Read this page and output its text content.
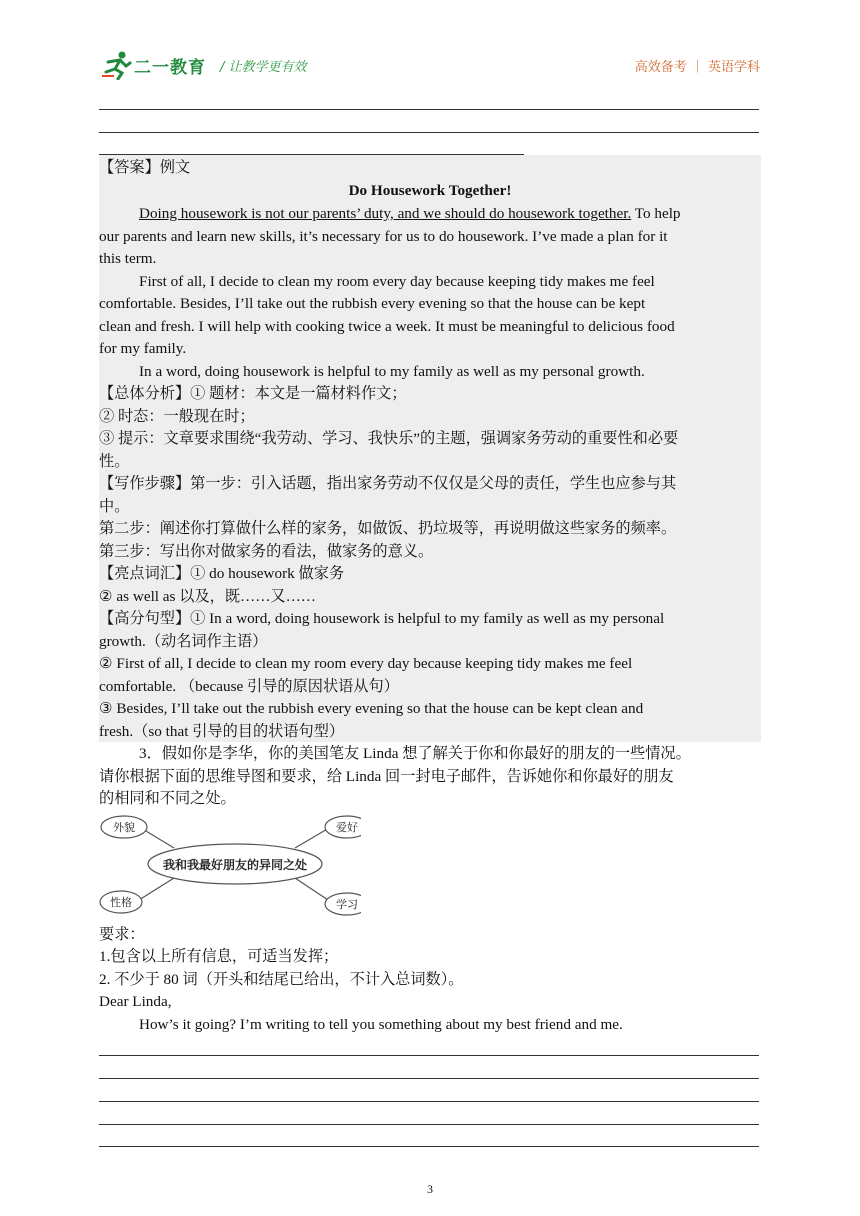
二一教育 / 让教学更有效	高效备考 ｜ 英语学科
【答案】例文
Do Housework Together!
Doing housework is not our parents’ duty, and we should do housework together. To help
our parents and learn new skills, it’s necessary for us to do housework. I’ve made a plan for it
this term.
First of all, I decide to clean my room every day because keeping tidy makes me feel
comfortable. Besides, I’ll take out the rubbish every evening so that the house can be kept
clean and fresh. I will help with cooking twice a week. It must be meaningful to delicious food
for my family.
In a word, doing housework is helpful to my family as well as my personal growth.
【总体分析】① 题材：本文是一篇材料作文；
② 时态：一般现在时；
③ 提示：文章要求围绕“我劳动、学习、我快乐”的主题，强调家务劳动的重要性和必要
性。
【写作步骤】第一步：引入话题，指出家务劳动不仅仅是父母的责任，学生也应参与其
中。
第二步：阐述你打算做什么样的家务，如做饭、扔垃圾等，再说明做这些家务的频率。
第三步：写出你对做家务的看法，做家务的意义。
【亮点词汇】① do housework 做家务
② as well as 以及，既……又……
【高分句型】① In a word, doing housework is helpful to my family as well as my personal
growth.（动名词作主语）
② First of all, I decide to clean my room every day because keeping tidy makes me feel
comfortable. （because 引导的原因状语从句）
③ Besides, I’ll take out the rubbish every evening so that the house can be kept clean and
fresh.（so that 引导的目的状语句型）
3．假如你是李华，你的美国笔友 Linda 想了解关于你和你最好的朋友的一些情况。
请你根据下面的思维导图和要求，给 Linda 回一封电子邮件，告诉她你和你最好的朋友
的相同和不同之处。
我和我最好朋友的异同之处
外貌	爱好
性格	学习
要求：
1.包含以上所有信息，可适当发挥；
2. 不少于 80 词（开头和结尾已给出，不计入总词数）。
Dear Linda,
How’s it going? I’m writing to tell you something about my best friend and me.
3
